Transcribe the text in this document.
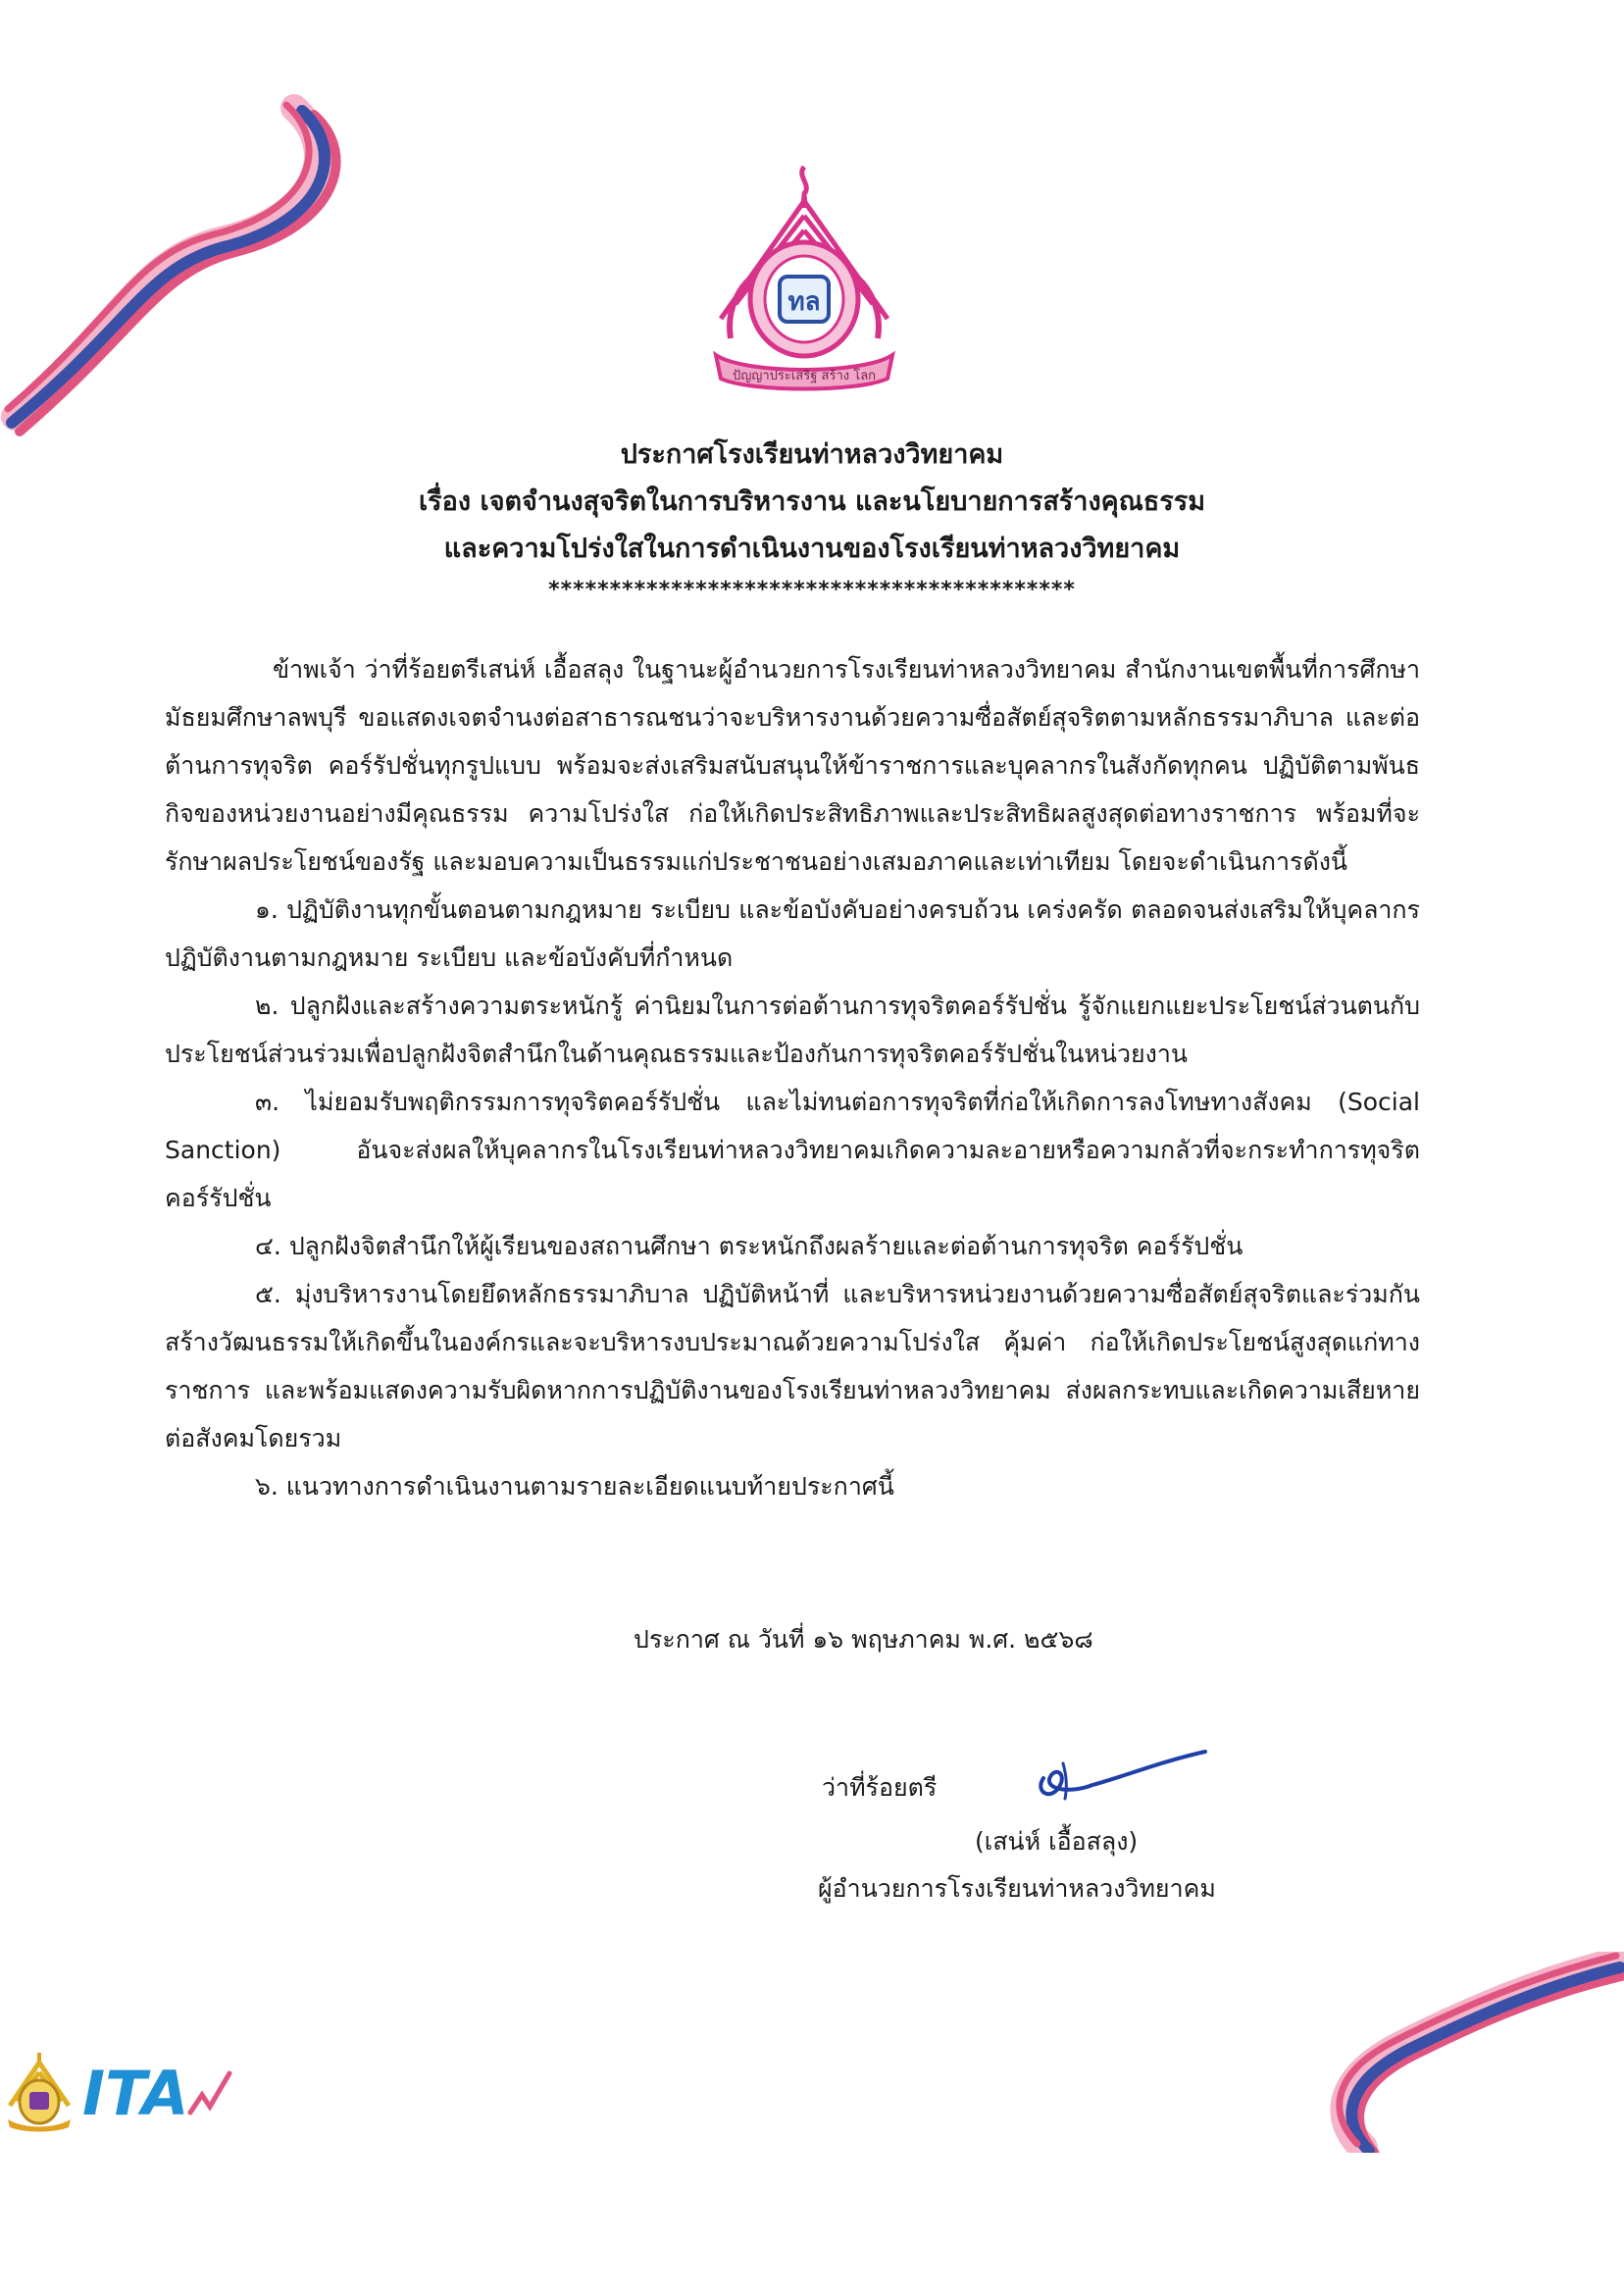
ทล
ปัญญาประเสริฐ สร้าง โลก
ประกาศโรงเรียนท่าหลวงวิทยาคม
เรื่อง เจตจำนงสุจริตในการบริหารงาน และนโยบายการสร้างคุณธรรม
และความโปร่งใสในการดำเนินงานของโรงเรียนท่าหลวงวิทยาคม
*******************************************

ข้าพเจ้า ว่าที่ร้อยตรีเสน่ห์ เอื้อสลุง ในฐานะผู้อำนวยการโรงเรียนท่าหลวงวิทยาคม สำนักงานเขตพื้นที่การศึกษามัธยมศึกษาลพบุรี ขอแสดงเจตจำนงต่อสาธารณชนว่าจะบริหารงานด้วยความซื่อสัตย์สุจริตตามหลักธรรมาภิบาล และต่อต้านการทุจริต คอร์รัปชั่นทุกรูปแบบ พร้อมจะส่งเสริมสนับสนุนให้ข้าราชการและบุคลากรในสังกัดทุกคน ปฏิบัติตามพันธกิจของหน่วยงานอย่างมีคุณธรรม ความโปร่งใส ก่อให้เกิดประสิทธิภาพและประสิทธิผลสูงสุดต่อทางราชการ พร้อมที่จะรักษาผลประโยชน์ของรัฐ และมอบความเป็นธรรมแก่ประชาชนอย่างเสมอภาคและเท่าเทียม โดยจะดำเนินการดังนี้

๑. ปฏิบัติงานทุกขั้นตอนตามกฎหมาย ระเบียบ และข้อบังคับอย่างครบถ้วน เคร่งครัด ตลอดจนส่งเสริมให้บุคลากรปฏิบัติงานตามกฎหมาย ระเบียบ และข้อบังคับที่กำหนด

๒. ปลูกฝังและสร้างความตระหนักรู้ ค่านิยมในการต่อต้านการทุจริตคอร์รัปชั่น รู้จักแยกแยะประโยชน์ส่วนตนกับประโยชน์ส่วนร่วมเพื่อปลูกฝังจิตสำนึกในด้านคุณธรรมและป้องกันการทุจริตคอร์รัปชั่นในหน่วยงาน

๓. ไม่ยอมรับพฤติกรรมการทุจริตคอร์รัปชั่น และไม่ทนต่อการทุจริตที่ก่อให้เกิดการลงโทษทางสังคม (Social Sanction) อันจะส่งผลให้บุคลากรในโรงเรียนท่าหลวงวิทยาคมเกิดความละอายหรือความกลัวที่จะกระทำการทุจริตคอร์รัปชั่น

๔. ปลูกฝังจิตสำนึกให้ผู้เรียนของสถานศึกษา ตระหนักถึงผลร้ายและต่อต้านการทุจริต คอร์รัปชั่น

๕. มุ่งบริหารงานโดยยึดหลักธรรมาภิบาล ปฏิบัติหน้าที่ และบริหารหน่วยงานด้วยความซื่อสัตย์สุจริตและร่วมกันสร้างวัฒนธรรมให้เกิดขึ้นในองค์กรและจะบริหารงบประมาณด้วยความโปร่งใส คุ้มค่า ก่อให้เกิดประโยชน์สูงสุดแก่ทางราชการ และพร้อมแสดงความรับผิดหากการปฏิบัติงานของโรงเรียนท่าหลวงวิทยาคม ส่งผลกระทบและเกิดความเสียหายต่อสังคมโดยรวม

๖. แนวทางการดำเนินงานตามรายละเอียดแนบท้ายประกาศนี้

ประกาศ ณ วันที่ ๑๖ พฤษภาคม พ.ศ. ๒๕๖๘
ว่าที่ร้อยตรี
(เสน่ห์ เอื้อสลุง)
ผู้อำนวยการโรงเรียนท่าหลวงวิทยาคม
ITA
